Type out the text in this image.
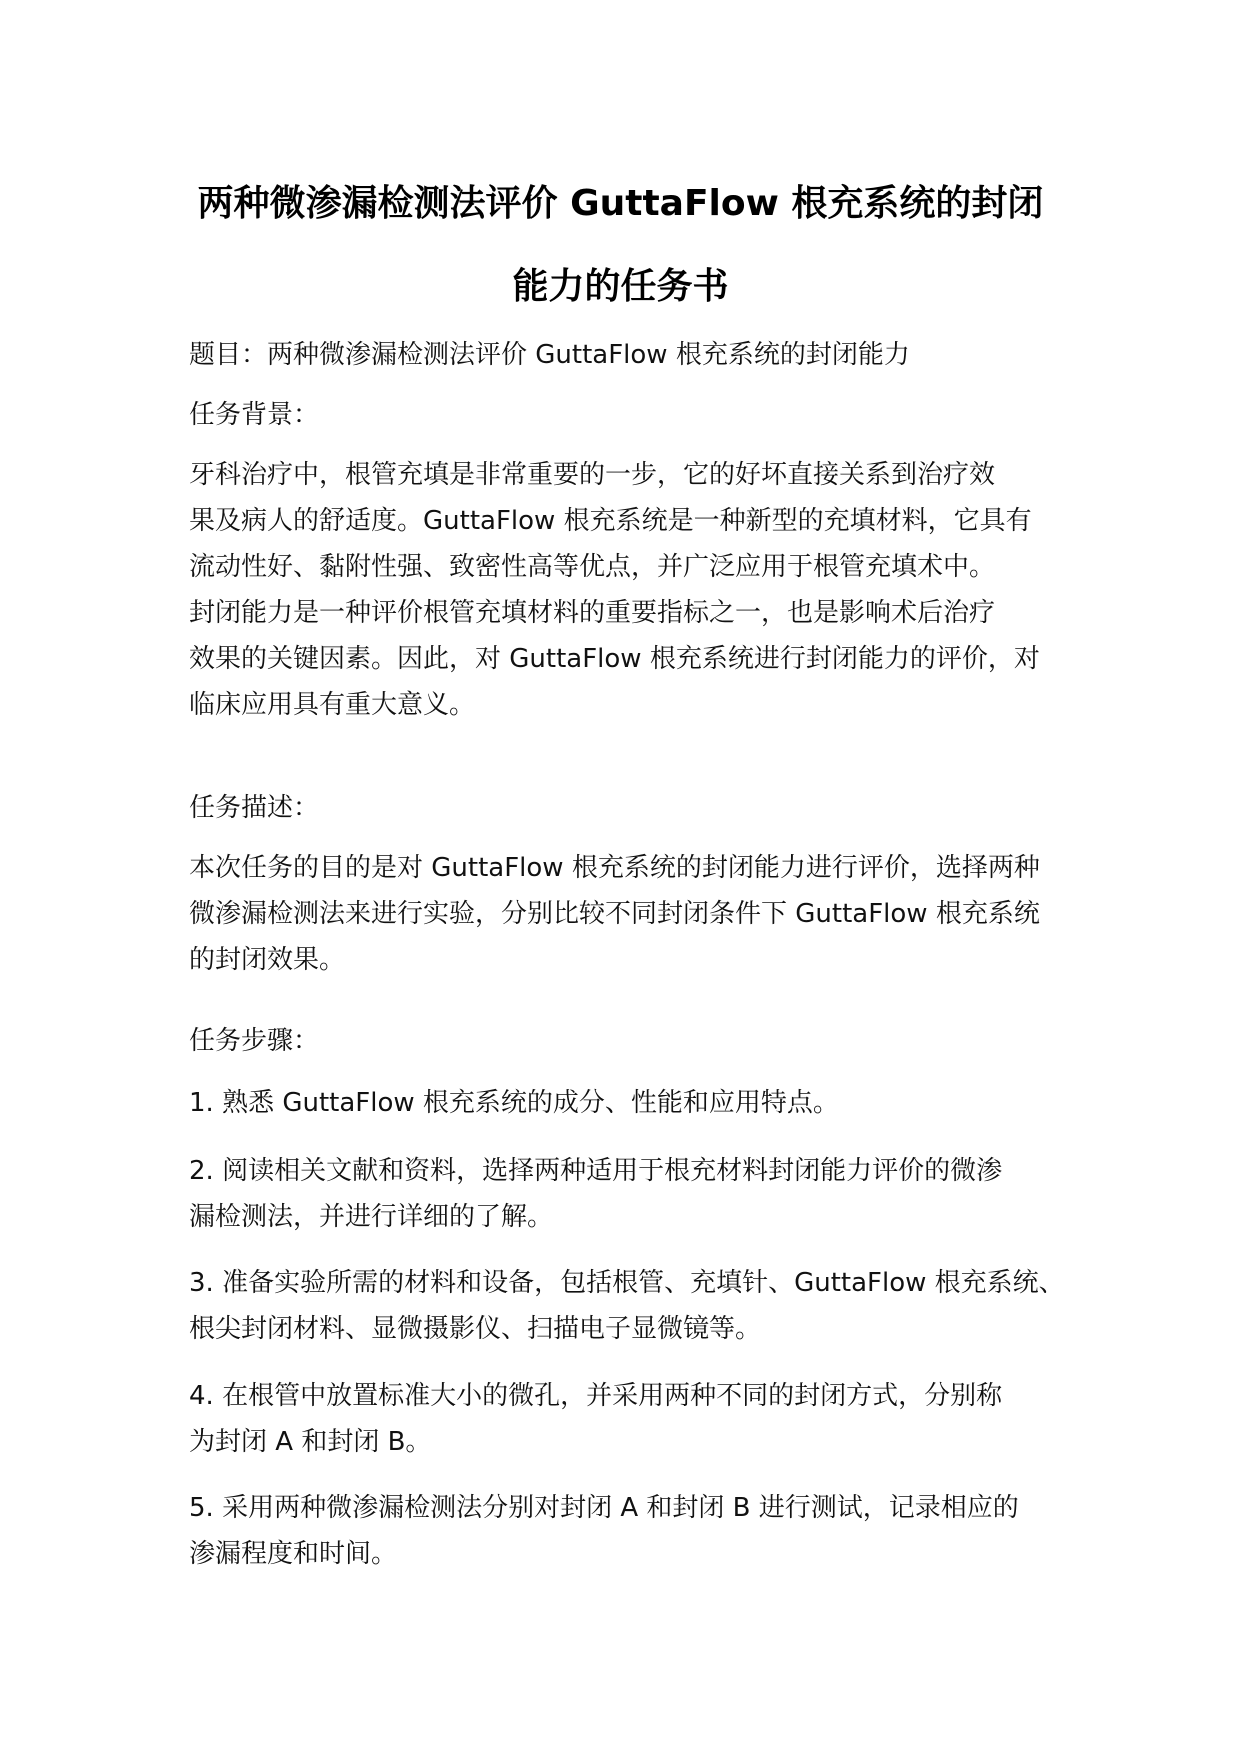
两种微渗漏检测法评价 GuttaFlow 根充系统的封闭
能力的任务书

题目：两种微渗漏检测法评价 GuttaFlow 根充系统的封闭能力

任务背景：

牙科治疗中，根管充填是非常重要的一步，它的好坏直接关系到治疗效
果及病人的舒适度。GuttaFlow 根充系统是一种新型的充填材料，它具有
流动性好、黏附性强、致密性高等优点，并广泛应用于根管充填术中。
封闭能力是一种评价根管充填材料的重要指标之一，也是影响术后治疗
效果的关键因素。因此，对 GuttaFlow 根充系统进行封闭能力的评价，对
临床应用具有重大意义。

任务描述：

本次任务的目的是对 GuttaFlow 根充系统的封闭能力进行评价，选择两种
微渗漏检测法来进行实验，分别比较不同封闭条件下 GuttaFlow 根充系统
的封闭效果。

任务步骤：

1. 熟悉 GuttaFlow 根充系统的成分、性能和应用特点。

2. 阅读相关文献和资料，选择两种适用于根充材料封闭能力评价的微渗
漏检测法，并进行详细的了解。

3. 准备实验所需的材料和设备，包括根管、充填针、GuttaFlow 根充系统、
根尖封闭材料、显微摄影仪、扫描电子显微镜等。

4. 在根管中放置标准大小的微孔，并采用两种不同的封闭方式，分别称
为封闭 A 和封闭 B。

5. 采用两种微渗漏检测法分别对封闭 A 和封闭 B 进行测试，记录相应的
渗漏程度和时间。
